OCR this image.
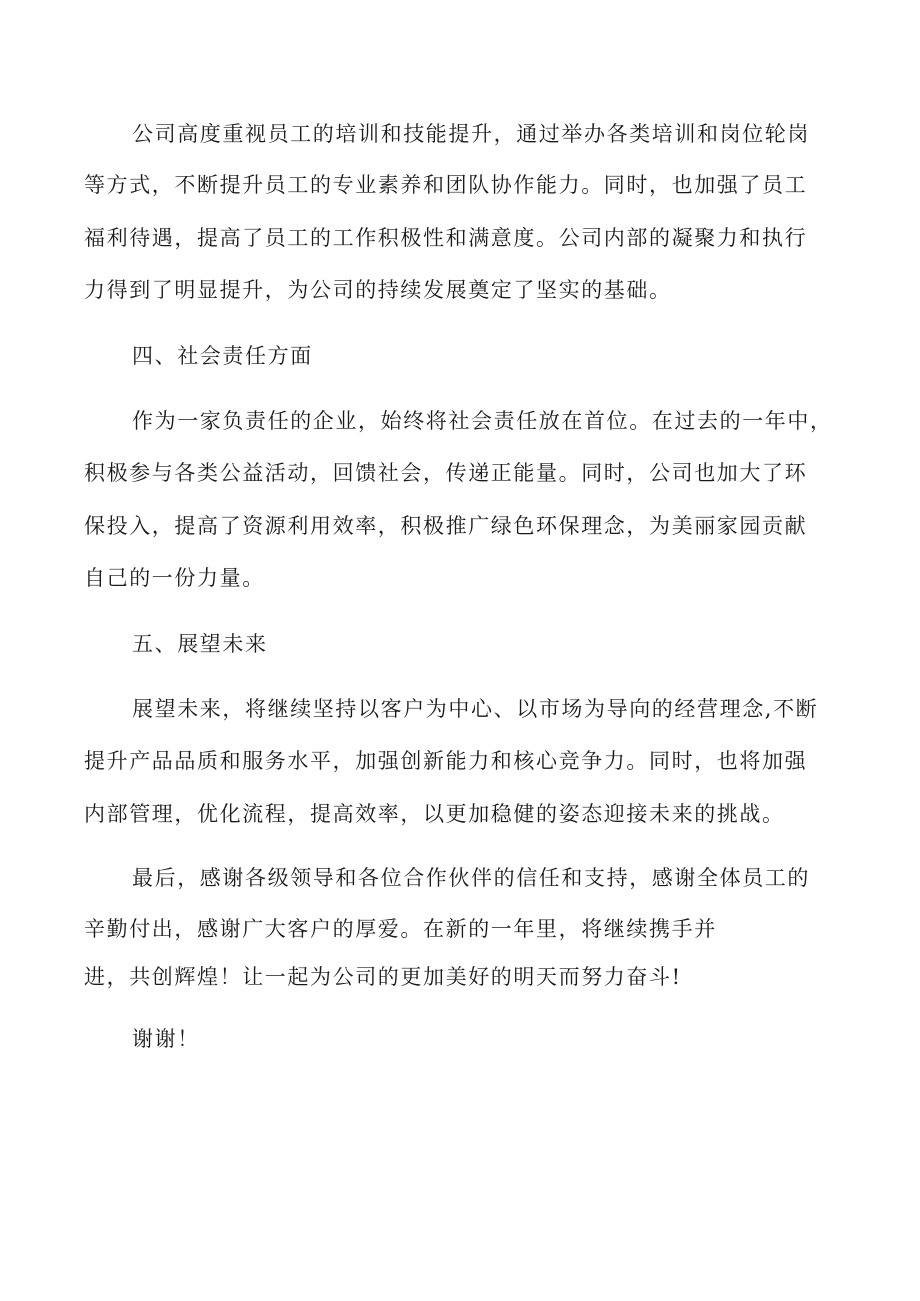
公司高度重视员工的培训和技能提升，通过举办各类培训和岗位轮岗
等方式，不断提升员工的专业素养和团队协作能力。同时，也加强了员工
福利待遇，提高了员工的工作积极性和满意度。公司内部的凝聚力和执行
力得到了明显提升，为公司的持续发展奠定了坚实的基础。
四、社会责任方面
作为一家负责任的企业，始终将社会责任放在首位。在过去的一年中，
积极参与各类公益活动，回馈社会，传递正能量。同时，公司也加大了环
保投入，提高了资源利用效率，积极推广绿色环保理念，为美丽家园贡献
自己的一份力量。
五、展望未来
展望未来，将继续坚持以客户为中心、以市场为导向的经营理念,不断
提升产品品质和服务水平，加强创新能力和核心竞争力。同时，也将加强
内部管理，优化流程，提高效率，以更加稳健的姿态迎接未来的挑战。
最后，感谢各级领导和各位合作伙伴的信任和支持，感谢全体员工的
辛勤付出，感谢广大客户的厚爱。在新的一年里，将继续携手并
进，共创辉煌！让一起为公司的更加美好的明天而努力奋斗!
谢谢！
